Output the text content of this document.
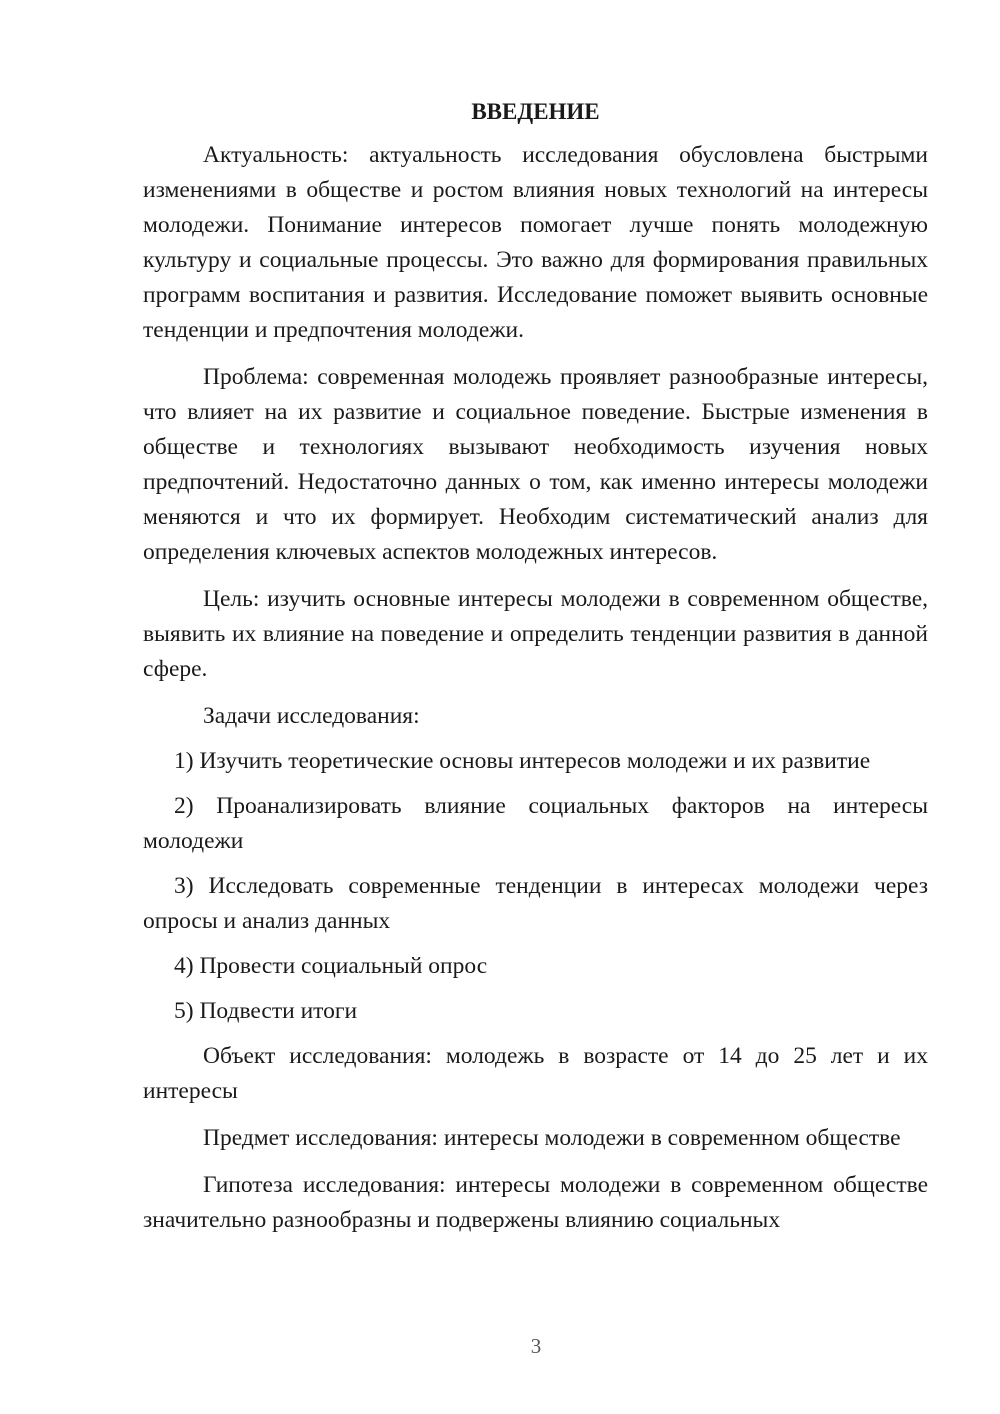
ВВЕДЕНИЕ

Актуальность: актуальность исследования обусловлена быстрыми изменениями в обществе и ростом влияния новых технологий на интересы молодежи. Понимание интересов помогает лучше понять молодежную культуру и социальные процессы. Это важно для формирования правильных программ воспитания и развития. Исследование поможет выявить основные тенденции и предпочтения молодежи.

Проблема: современная молодежь проявляет разнообразные интересы, что влияет на их развитие и социальное поведение. Быстрые изменения в обществе и технологиях вызывают необходимость изучения новых предпочтений. Недостаточно данных о том, как именно интересы молодежи меняются и что их формирует. Необходим систематический анализ для определения ключевых аспектов молодежных интересов.

Цель: изучить основные интересы молодежи в современном обществе, выявить их влияние на поведение и определить тенденции развития в данной сфере.

Задачи исследования:

1) Изучить теоретические основы интересов молодежи и их развитие

2) Проанализировать влияние социальных факторов на интересы молодежи

3) Исследовать современные тенденции в интересах молодежи через опросы и анализ данных

4) Провести социальный опрос

5) Подвести итоги

Объект исследования: молодежь в возрасте от 14 до 25 лет и их интересы

Предмет исследования: интересы молодежи в современном обществе

Гипотеза исследования: интересы молодежи в современном обществе значительно разнообразны и подвержены влиянию социальных

3
